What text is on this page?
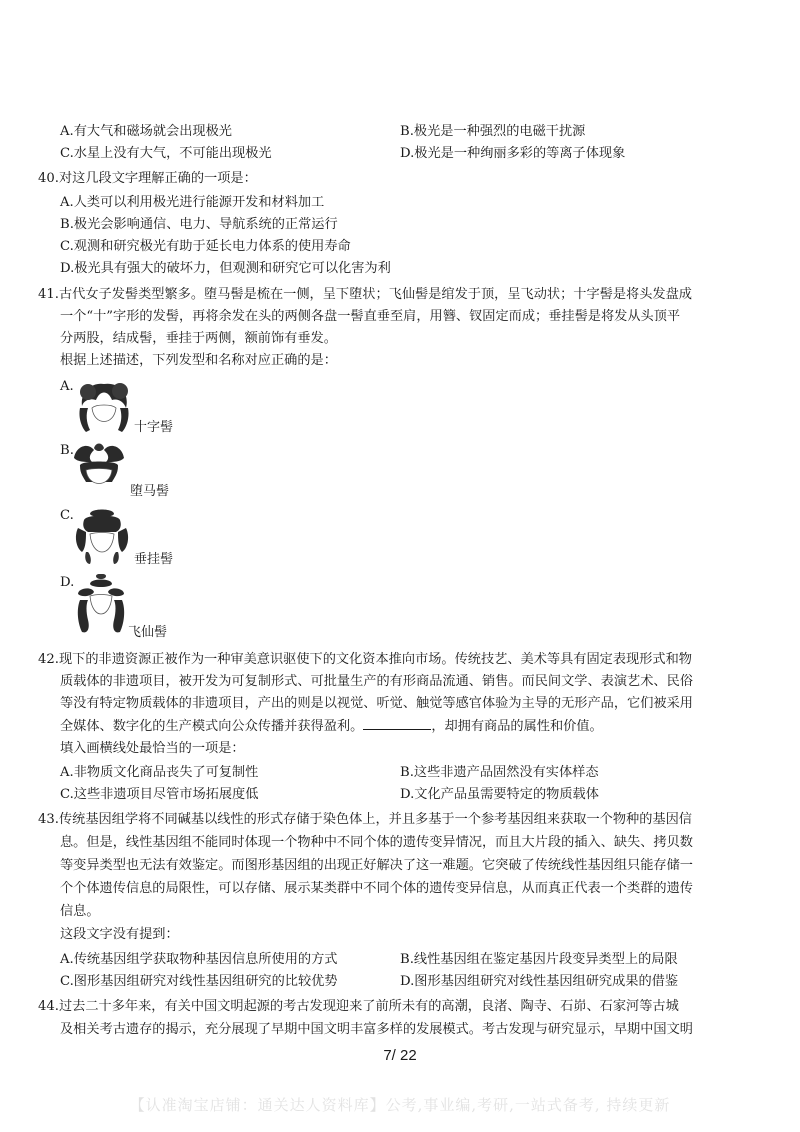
A.有大气和磁场就会出现极光	B.极光是一种强烈的电磁干扰源
C.水星上没有大气，不可能出现极光	D.极光是一种绚丽多彩的等离子体现象
40.对这几段文字理解正确的一项是：
A.人类可以利用极光进行能源开发和材料加工
B.极光会影响通信、电力、导航系统的正常运行
C.观测和研究极光有助于延长电力体系的使用寿命
D.极光具有强大的破坏力，但观测和研究它可以化害为利
41.古代女子发髻类型繁多。堕马髻是梳在一侧，呈下堕状；飞仙髻是绾发于顶，呈飞动状；十字髻是将头发盘成
一个“十”字形的发髻，再将余发在头的两侧各盘一髻直垂至肩，用簪、钗固定而成；垂挂髻是将发从头顶平
分两股，结成髻，垂挂于两侧，额前饰有垂发。
根据上述描述，下列发型和名称对应正确的是：
A.
十字髻
B.
堕马髻
C.
垂挂髻
D.
飞仙髻
42.现下的非遗资源正被作为一种审美意识驱使下的文化资本推向市场。传统技艺、美术等具有固定表现形式和物
质载体的非遗项目，被开发为可复制形式、可批量生产的有形商品流通、销售。而民间文学、表演艺术、民俗
等没有特定物质载体的非遗项目，产出的则是以视觉、听觉、触觉等感官体验为主导的无形产品，它们被采用
全媒体、数字化的生产模式向公众传播并获得盈利。	，却拥有商品的属性和价值。
填入画横线处最恰当的一项是：
A.非物质文化商品丧失了可复制性	B.这些非遗产品固然没有实体样态
C.这些非遗项目尽管市场拓展度低	D.文化产品虽需要特定的物质载体
43.传统基因组学将不同碱基以线性的形式存储于染色体上，并且多基于一个参考基因组来获取一个物种的基因信
息。但是，线性基因组不能同时体现一个物种中不同个体的遗传变异情况，而且大片段的插入、缺失、拷贝数
等变异类型也无法有效鉴定。而图形基因组的出现正好解决了这一难题。它突破了传统线性基因组只能存储一
个个体遗传信息的局限性，可以存储、展示某类群中不同个体的遗传变异信息，从而真正代表一个类群的遗传
信息。
这段文字没有提到：
A.传统基因组学获取物种基因信息所使用的方式	B.线性基因组在鉴定基因片段变异类型上的局限
C.图形基因组研究对线性基因组研究的比较优势	D.图形基因组研究对线性基因组研究成果的借鉴
44.过去二十多年来，有关中国文明起源的考古发现迎来了前所未有的高潮，良渚、陶寺、石峁、石家河等古城
及相关考古遗存的揭示，充分展现了早期中国文明丰富多样的发展模式。考古发现与研究显示，早期中国文明
7/ 22
【认准淘宝店铺：通关达人资料库】公考,事业编,考研,一站式备考, 持续更新
